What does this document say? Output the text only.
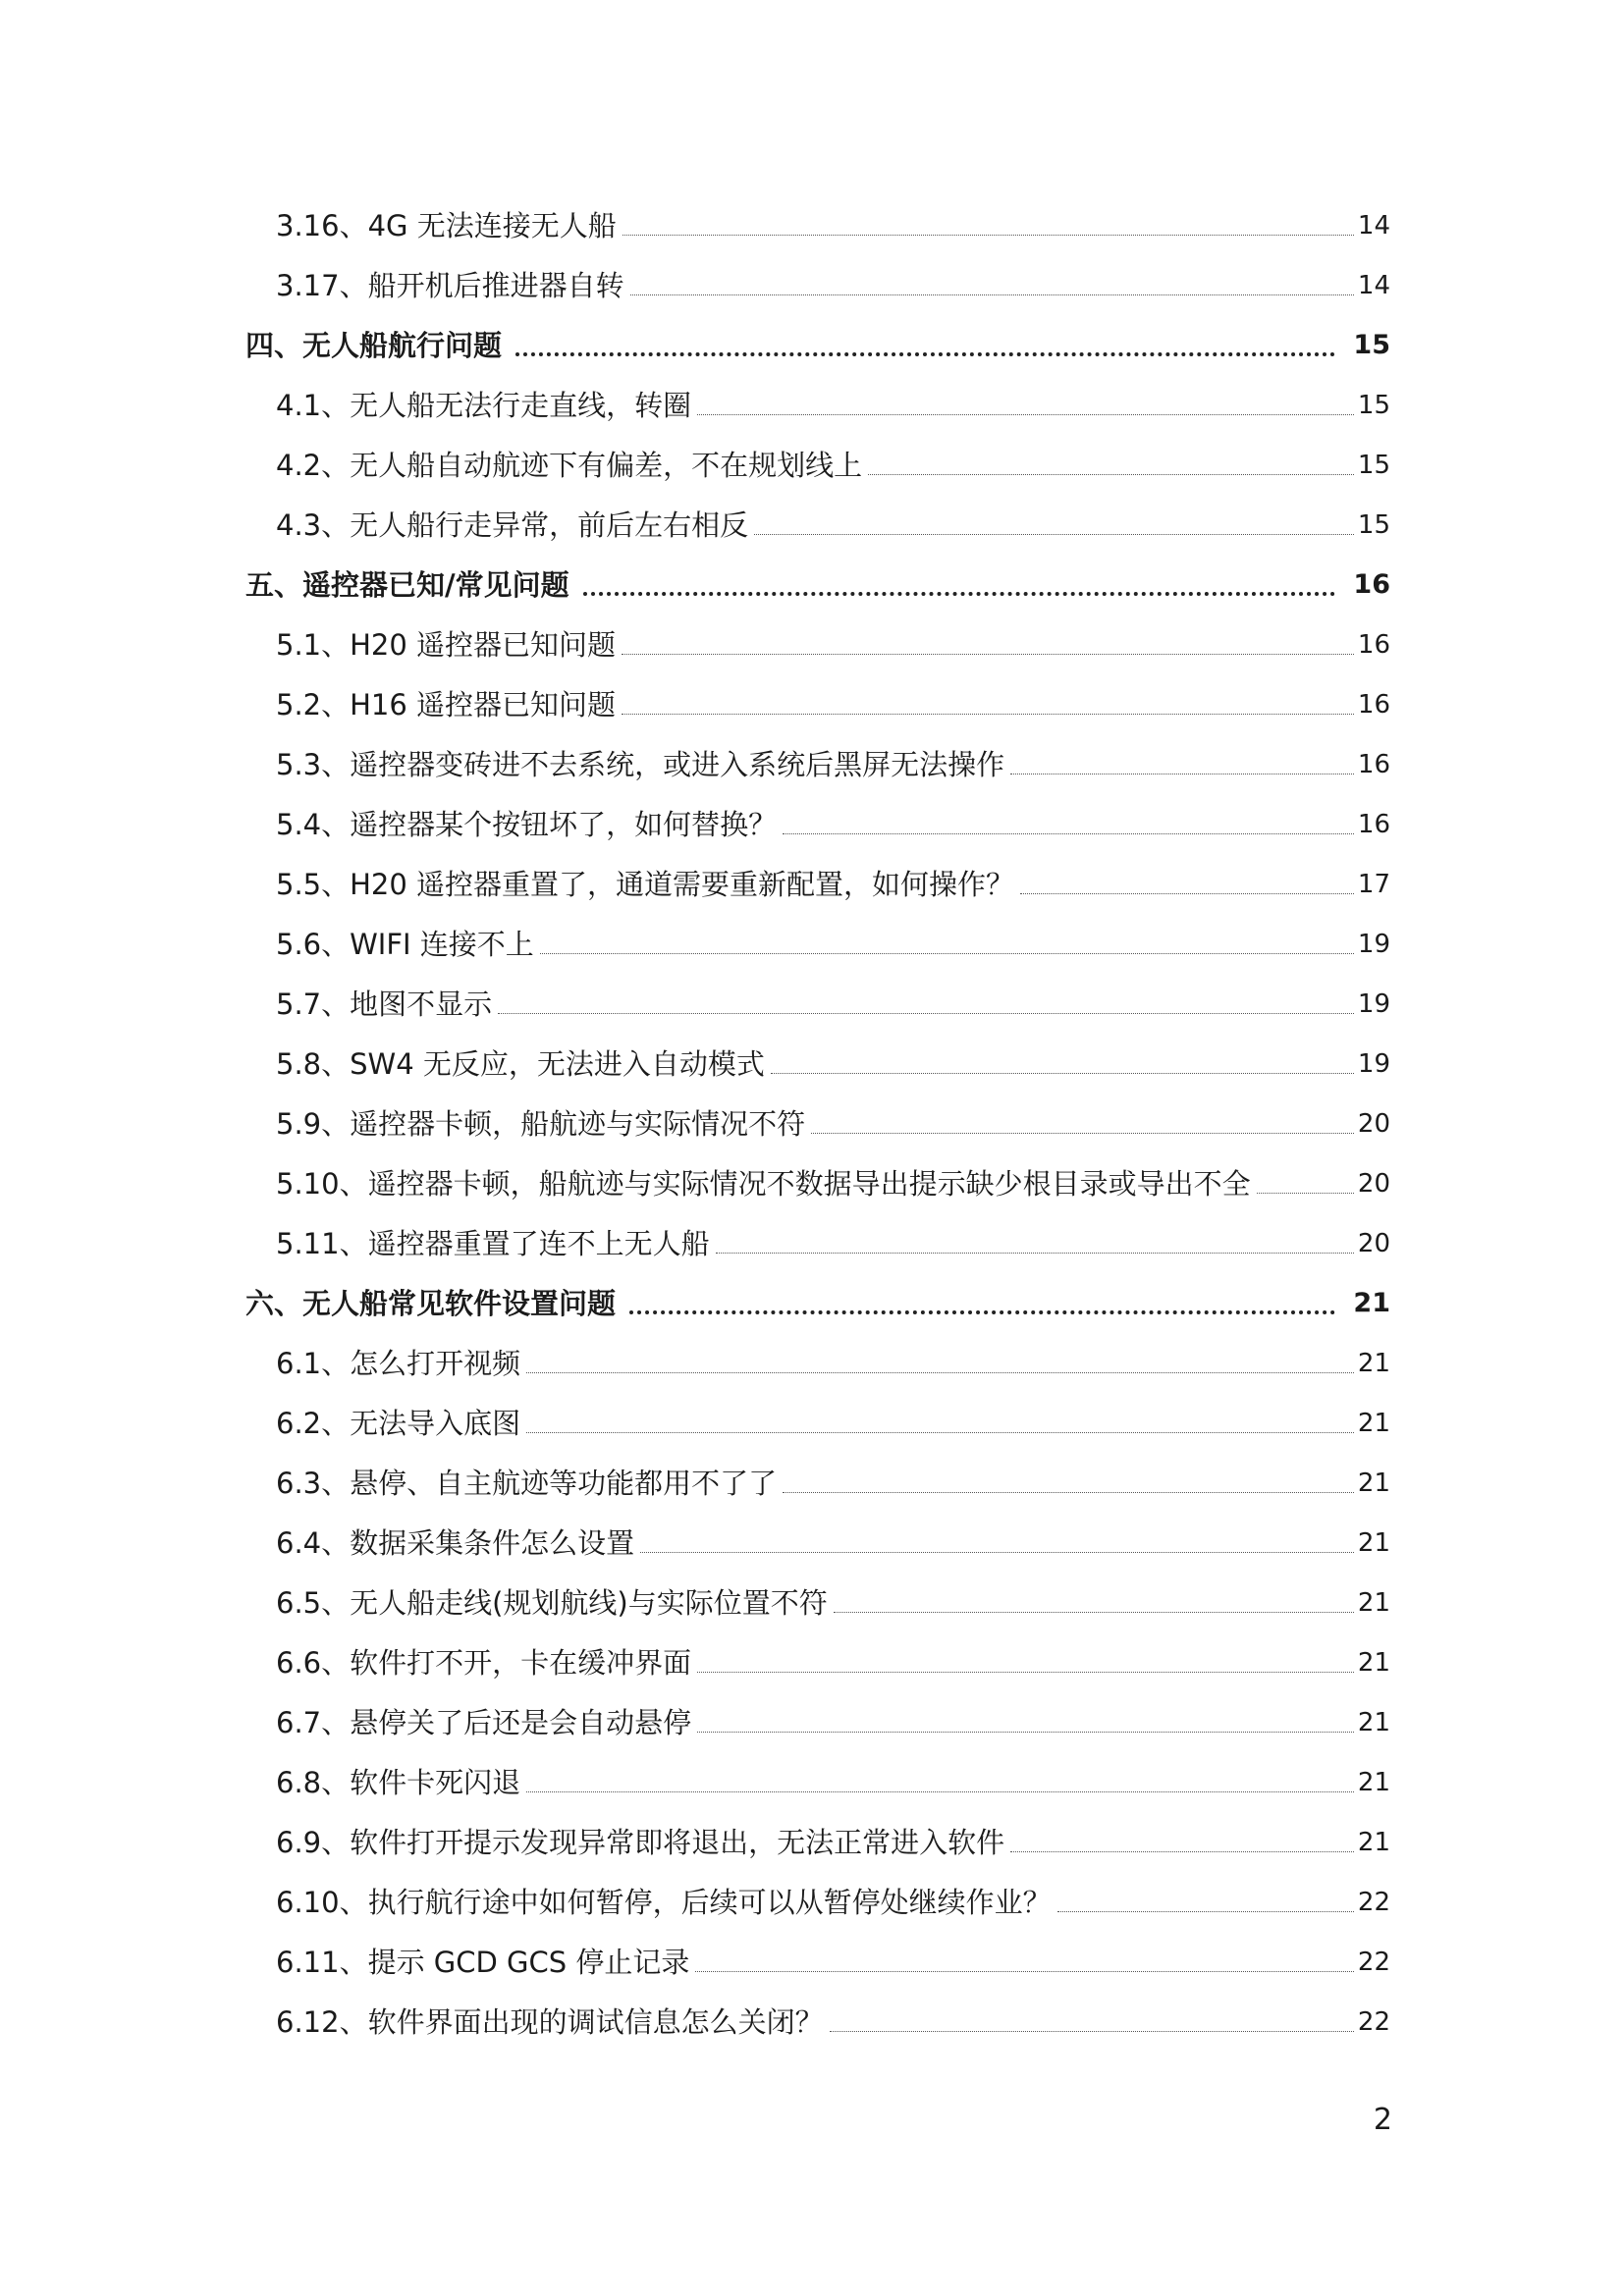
3.16、4G 无法连接无人船	14
3.17、船开机后推进器自转	14
四、无人船航行问题	15
4.1、无人船无法行走直线，转圈	15
4.2、无人船自动航迹下有偏差，不在规划线上	15
4.3、无人船行走异常，前后左右相反	15
五、遥控器已知/常见问题	16
5.1、H20 遥控器已知问题	16
5.2、H16 遥控器已知问题	16
5.3、遥控器变砖进不去系统，或进入系统后黑屏无法操作	16
5.4、遥控器某个按钮坏了，如何替换？	16
5.5、H20 遥控器重置了，通道需要重新配置，如何操作？	17
5.6、WIFI 连接不上	19
5.7、地图不显示	19
5.8、SW4 无反应，无法进入自动模式	19
5.9、遥控器卡顿，船航迹与实际情况不符	20
5.10、遥控器卡顿，船航迹与实际情况不数据导出提示缺少根目录或导出不全	20
5.11、遥控器重置了连不上无人船	20
六、无人船常见软件设置问题	21
6.1、怎么打开视频	21
6.2、无法导入底图	21
6.3、悬停、自主航迹等功能都用不了了	21
6.4、数据采集条件怎么设置	21
6.5、无人船走线(规划航线)与实际位置不符	21
6.6、软件打不开，卡在缓冲界面	21
6.7、悬停关了后还是会自动悬停	21
6.8、软件卡死闪退	21
6.9、软件打开提示发现异常即将退出，无法正常进入软件	21
6.10、执行航行途中如何暂停，后续可以从暂停处继续作业？	22
6.11、提示 GCD GCS 停止记录	22
6.12、软件界面出现的调试信息怎么关闭？	22
2
